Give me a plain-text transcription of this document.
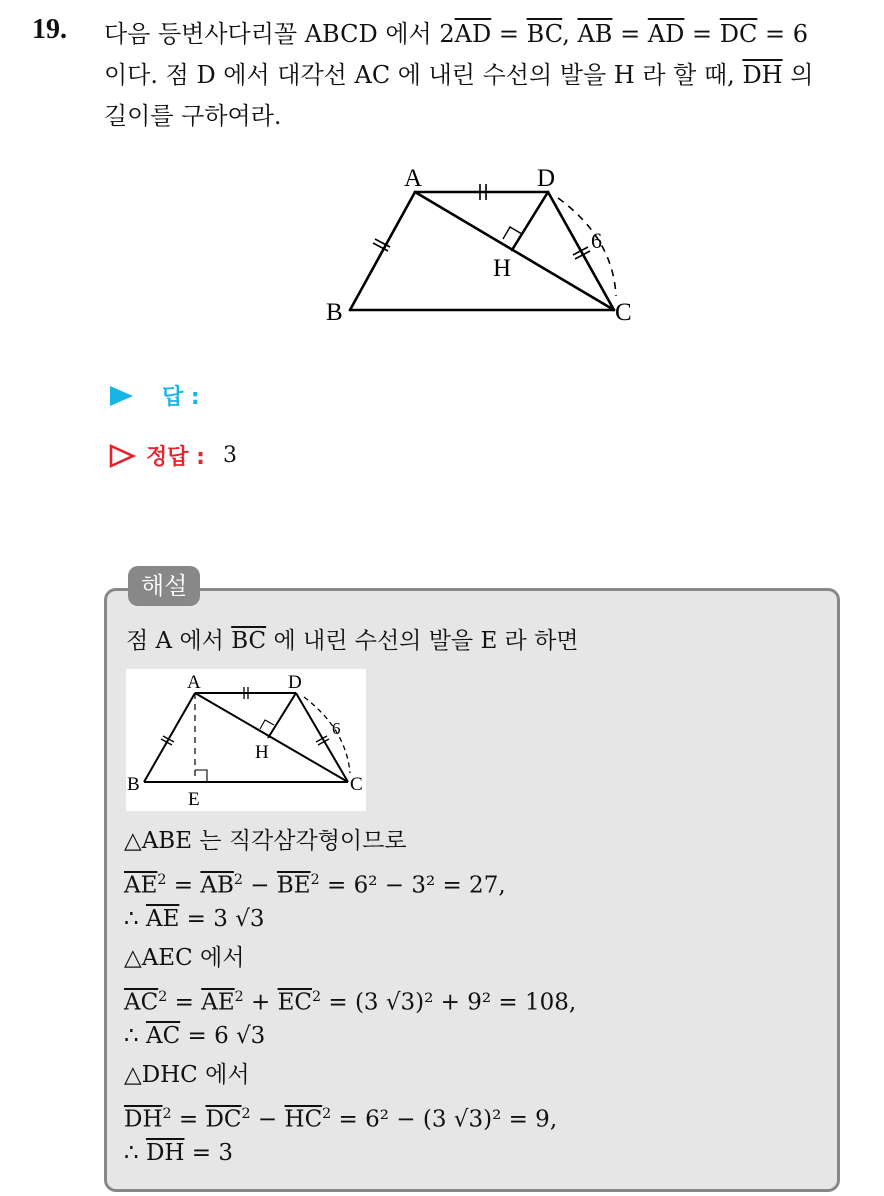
19. 다음 등변사다리꼴 ABCD 에서 $2\overline{AD} = \overline{BC}$, $\overline{AB} = \overline{AD} = \overline{DC} = 6$
이다. 점 D 에서 대각선 AC 에 내린 수선의 발을 H 라 할 때, $\overline{DH}$ 의
길이를 구하여라.
A	D
B	C
H
6
답 :
정답 : 3
해설
점 A 에서 $\overline{BC}$ 에 내린 수선의 발을 E 라 하면
A	D
B	C
H
E
6
△ABE 는 직각삼각형이므로
$\overline{AE}^2 = \overline{AB}^2 - \overline{BE}^2 = 6^2 - 3^2 = 27$,
∴ $\overline{AE} = 3$ √3
△AEC 에서
$\overline{AC}^2 = \overline{AE}^2 + \overline{EC}^2 = (3$ √3)² + 9² = 108,
∴ $\overline{AC} = 6$ √3
△DHC 에서
$\overline{DH}^2 = \overline{DC}^2 - \overline{HC}^2 = 6^2 - (3$ √3)² = 9,
∴ $\overline{DH} = 3$
